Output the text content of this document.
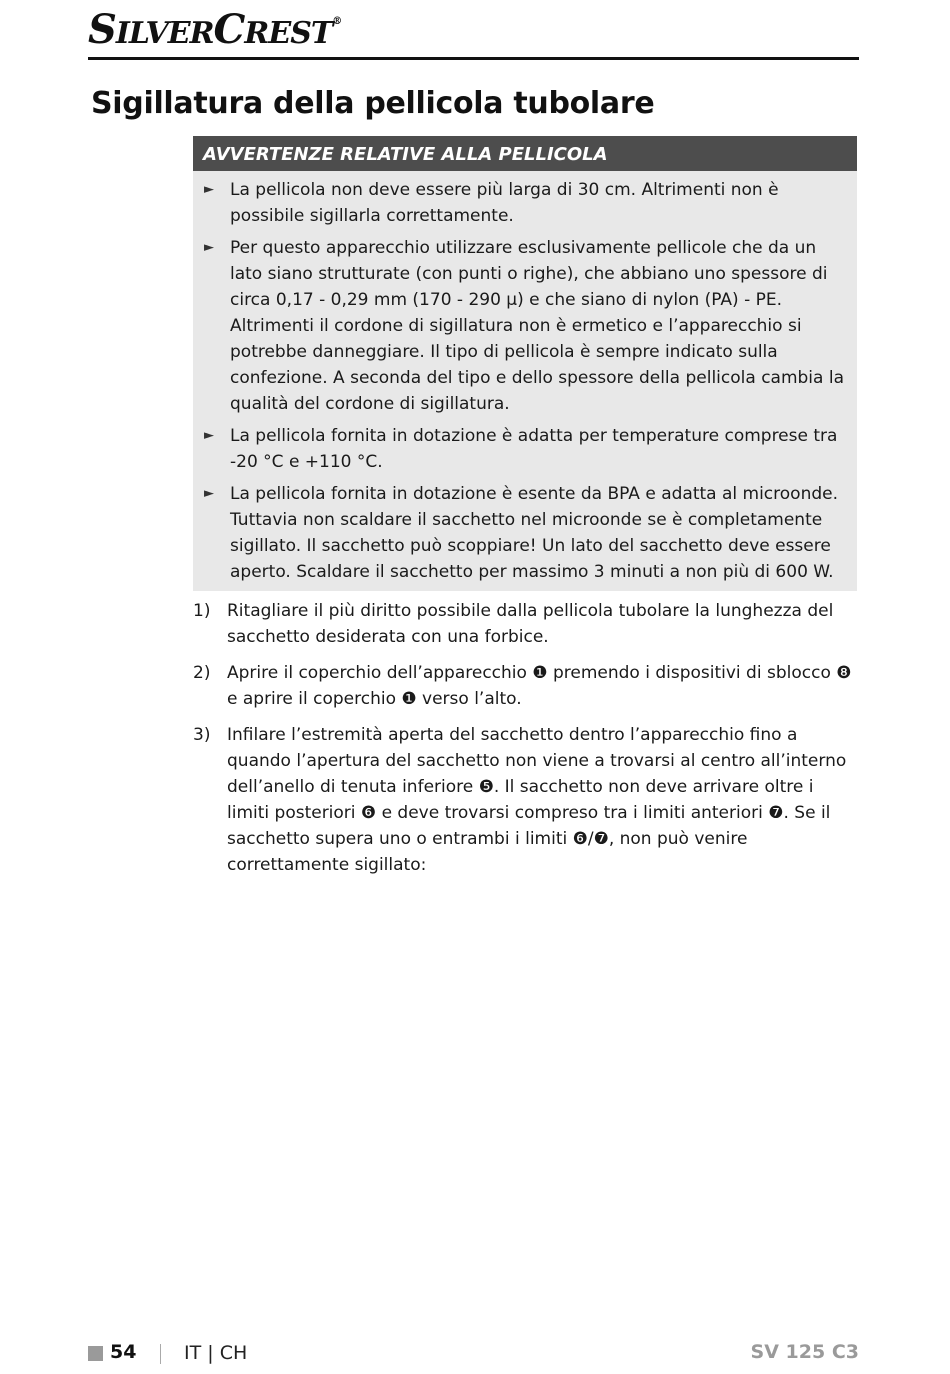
SILVERCREST®
Sigillatura della pellicola tubolare
AVVERTENZE RELATIVE ALLA PELLICOLA
► La pellicola non deve essere più larga di 30 cm. Altrimenti non è possibile sigillarla correttamente.
► Per questo apparecchio utilizzare esclusivamente pellicole che da un lato siano strutturate (con punti o righe), che abbiano uno spessore di circa 0,17 - 0,29 mm (170 - 290 µ) e che siano di nylon (PA) - PE. Altrimenti il cordone di sigillatura non è ermetico e l’apparecchio si potrebbe danneggiare. Il tipo di pellicola è sempre indicato sulla confezione. A seconda del tipo e dello spessore della pellicola cambia la qualità del cordone di sigillatura.
► La pellicola fornita in dotazione è adatta per temperature comprese tra -20 °C e +110 °C.
► La pellicola fornita in dotazione è esente da BPA e adatta al microonde. Tuttavia non scaldare il sacchetto nel microonde se è completamente sigillato. Il sacchetto può scoppiare! Un lato del sacchetto deve essere aperto. Scaldare il sacchetto per massimo 3 minuti a non più di 600 W.
1) Ritagliare il più diritto possibile dalla pellicola tubolare la lunghezza del sacchetto desiderata con una forbice.
2) Aprire il coperchio dell’apparecchio ❶ premendo i dispositivi di sblocco ❽ e aprire il coperchio ❶ verso l’alto.
3) Infilare l’estremità aperta del sacchetto dentro l’apparecchio fino a quando l’apertura del sacchetto non viene a trovarsi al centro all’interno dell’anello di tenuta inferiore ❺. Il sacchetto non deve arrivare oltre i limiti posteriori ❻ e deve trovarsi compreso tra i limiti anteriori ❼. Se il sacchetto supera uno o entrambi i limiti ❻/❼, non può venire correttamente sigillato:
54	IT | CH	SV 125 C3
